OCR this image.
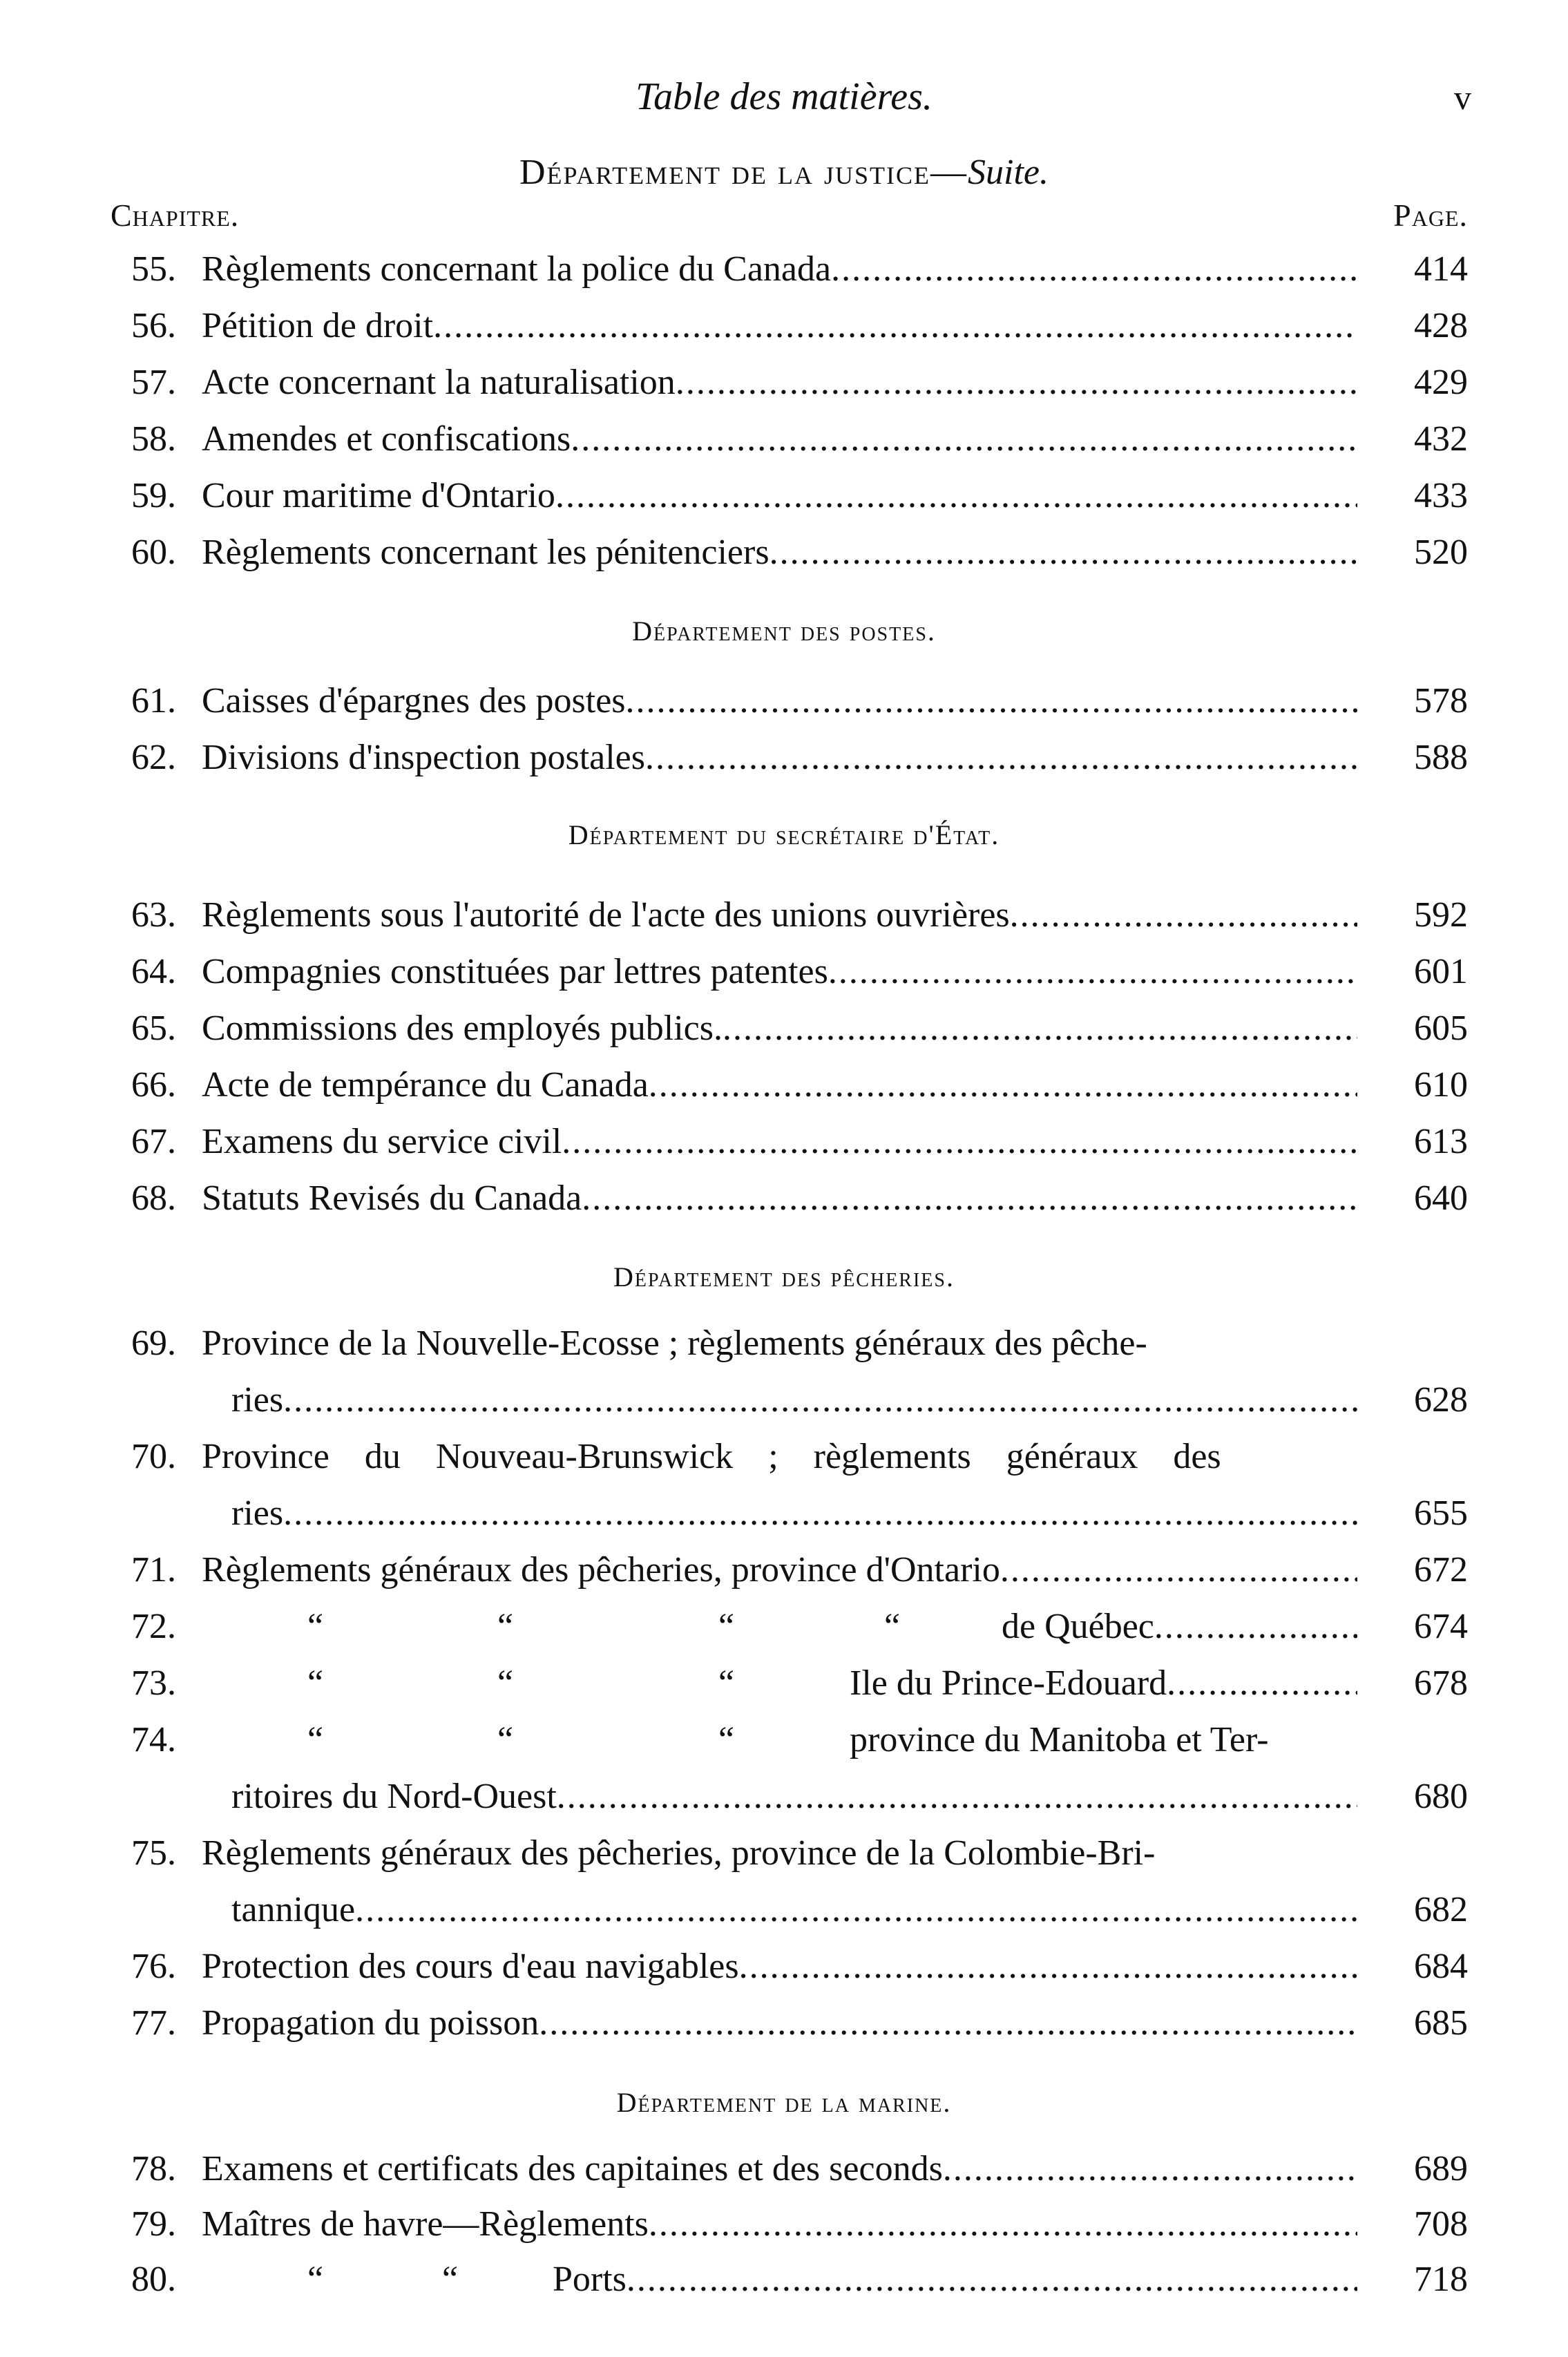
Table des matières.	v
Département de la justice—Suite.
Chapitre.	Page.
55. Règlements concernant la police du Canada .....	414
56. Pétition de droit .....	428
57. Acte concernant la naturalisation .....	429
58. Amendes et confiscations .....	432
59. Cour maritime d'Ontario .....	433
60. Règlements concernant les pénitenciers .....	520
Département des postes.
61. Caisses d'épargnes des postes .....	578
62. Divisions d'inspection postales .....	588
Département du secrétaire d'État.
63. Règlements sous l'autorité de l'acte des unions ouvrières .....	592
64. Compagnies constituées par lettres patentes .....	601
65. Commissions des employés publics. .....	605
66. Acte de tempérance du Canada .....	610
67. Examens du service civil .....	613
68. Statuts Revisés du Canada .....	640
Département des pêcheries.
69. Province de la Nouvelle-Ecosse ; règlements généraux des pêche-
ries .....	628
70. Province du Nouveau-Brunswick ; règlements généraux des
ries .....	655
71. Règlements généraux des pêcheries, province d'Ontario .....	672
72.	“	“	“	“	de Québec .....	674
73.	“	“	“	Ile du Prince-Edouard .....	678
74.	“	“	“	province du Manitoba et Ter-
ritoires du Nord-Ouest .....	680
75. Règlements généraux des pêcheries, province de la Colombie-Bri-
tannique .....	682
76. Protection des cours d'eau navigables .....	684
77. Propagation du poisson .....	685
Département de la marine.
78. Examens et certificats des capitaines et des seconds .....	689
79. Maîtres de havre—Règlements .....	708
80.	“	“	Ports .....	718
